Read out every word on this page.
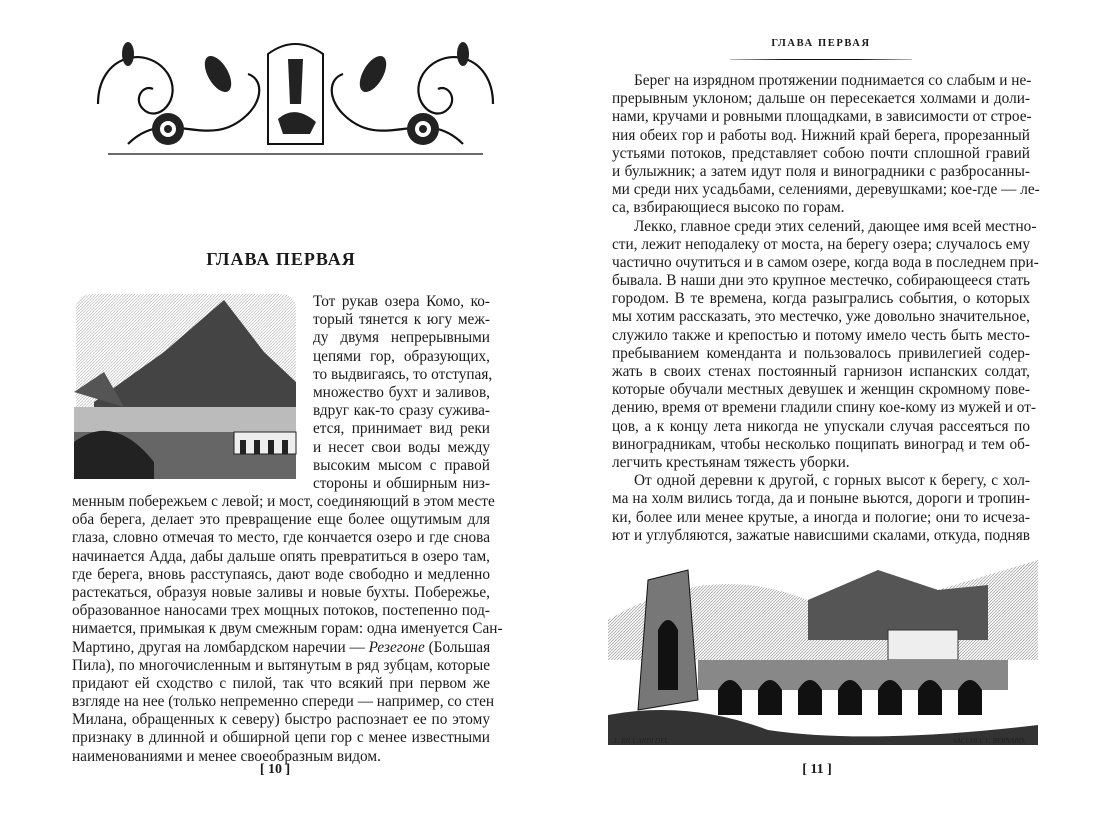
ГЛАВА ПЕРВАЯ

Тот рукав озера Комо, ко-
торый тянется к югу меж-
ду двумя непрерывными
цепями гор, образующих,
то выдвигаясь, то отступая,
множество бухт и заливов,
вдруг как-то сразу сужива-
ется, принимает вид реки
и несет свои воды между
высоким мысом с правой
стороны и обширным низ-
менным побережьем с левой; и мост, соединяющий в этом месте
оба берега, делает это превращение еще более ощутимым для
глаза, словно отмечая то место, где кончается озеро и где снова
начинается Адда, дабы дальше опять превратиться в озеро там,
где берега, вновь расступаясь, дают воде свободно и медленно
растекаться, образуя новые заливы и новые бухты. Побережье,
образованное наносами трех мощных потоков, постепенно под-
нимается, примыкая к двум смежным горам: одна именуется Сан-
Мартино, другая на ломбардском наречии — Резегоне (Большая
Пила), по многочисленным и вытянутым в ряд зубцам, которые
придают ей сходство с пилой, так что всякий при первом же
взгляде на нее (только непременно спереди — например, со стен
Милана, обращенных к северу) быстро распознает ее по этому
признаку в длинной и обширной цепи гор с менее известными
наименованиями и менее своеобразным видом.
[ 10 ]
ГЛАВА ПЕРВАЯ
Берег на изрядном протяжении поднимается со слабым и не-
прерывным уклоном; дальше он пересекается холмами и доли-
нами, кручами и ровными площадками, в зависимости от строе-
ния обеих гор и работы вод. Нижний край берега, прорезанный
устьями потоков, представляет собою почти сплошной гравий
и булыжник; а затем идут поля и виноградники с разбросанны-
ми среди них усадьбами, селениями, деревушками; кое-где — ле-
са, взбирающиеся высоко по горам.
Лекко, главное среди этих селений, дающее имя всей местно-
сти, лежит неподалеку от моста, на берегу озера; случалось ему
частично очутиться и в самом озере, когда вода в последнем при-
бывала. В наши дни это крупное местечко, собирающееся стать
городом. В те времена, когда разыгрались события, о которых
мы хотим рассказать, это местечко, уже довольно значительное,
служило также и крепостью и потому имело честь быть место-
пребыванием коменданта и пользовалось привилегией содер-
жать в своих стенах постоянный гарнизон испанских солдат,
которые обучали местных девушек и женщин скромному пове-
дению, время от времени гладили спину кое-кому из мужей и от-
цов, а к концу лета никогда не упускали случая рассеяться по
виноградникам, чтобы несколько пощипать виноград и тем об-
легчить крестьянам тяжесть уборки.
От одной деревни к другой, с горных высот к берегу, с хол-
ма на холм вились тогда, да и поныне вьются, дороги и тропин-
ки, более или менее крутые, а иногда и пологие; они то исчеза-
ют и углубляются, зажатые нависшими скалами, откуда, подняв
L. RICCARDI DEL.	SACCHI E L. BERNARD.
[ 11 ]
